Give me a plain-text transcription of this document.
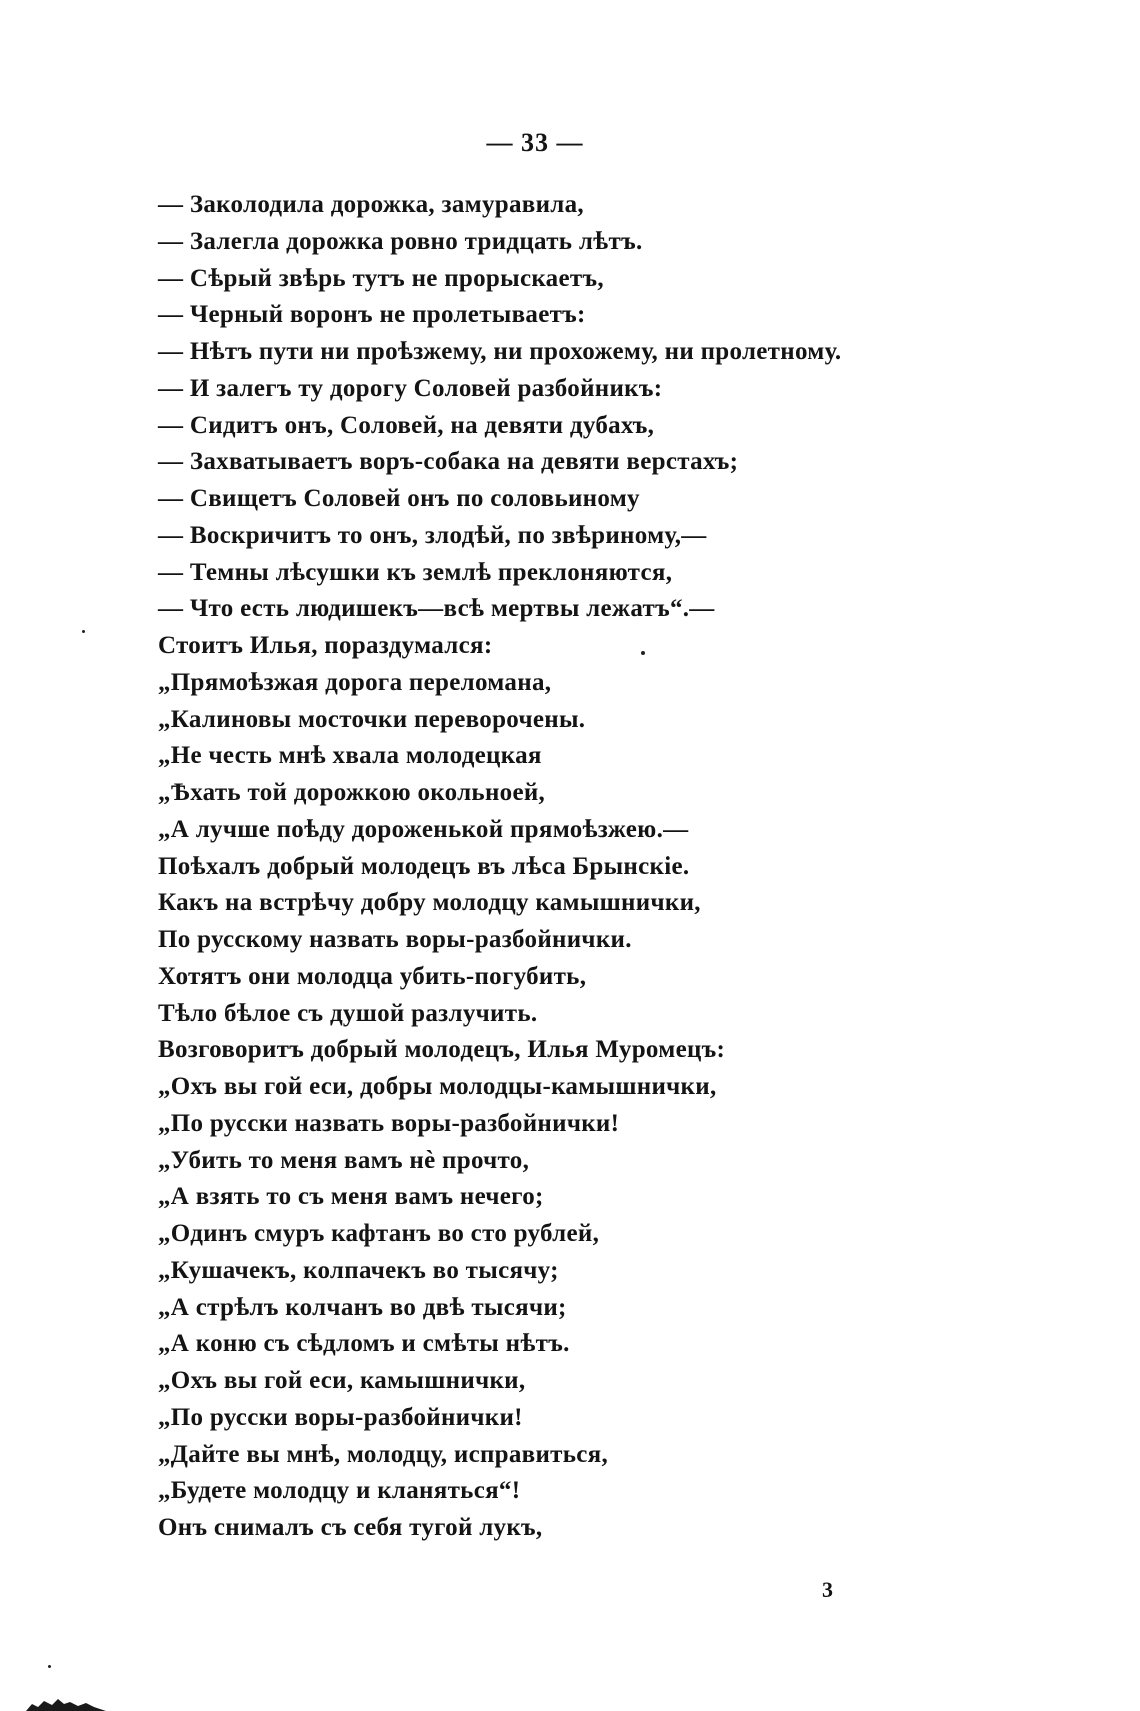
— 33 —
— Заколодила дорожка, замуравила,
— Залегла дорожка ровно тридцать лѣтъ.
— Сѣрый звѣрь тутъ не прорыскаетъ,
— Черный воронъ не пролетываетъ:
— Нѣтъ пути ни проѣзжему, ни прохожему, ни пролетному.
— И залегъ ту дорогу Соловей разбойникъ:
— Сидитъ онъ, Соловей, на девяти дубахъ,
— Захватываетъ воръ-собака на девяти верстахъ;
— Свищетъ Соловей онъ по соловьиному
— Воскричитъ то онъ, злодѣй, по звѣриному,—
— Темны лѣсушки къ землѣ преклоняются,
— Что есть людишекъ—всѣ мертвы лежатъ“.—
Стоитъ Илья, пораздумался:
„Прямоѣзжая дорога переломана,
„Калиновы мосточки переворочены.
„Не честь мнѣ хвала молодецкая
„Ѣхать той дорожкою окольноей,
„А лучше поѣду дороженькой прямоѣзжею.—
Поѣхалъ добрый молодецъ въ лѣса Брынскіе.
Какъ на встрѣчу добру молодцу камышнички,
По русскому назвать воры-разбойнички.
Хотятъ они молодца убить-погубить,
Тѣло бѣлое съ душой разлучить.
Возговоритъ добрый молодецъ, Илья Муромецъ:
„Охъ вы гой еси, добры молодцы-камышнички,
„По русски назвать воры-разбойнички!
„Убить то меня вамъ нѐ прочто,
„А взять то съ меня вамъ нечего;
„Одинъ смуръ кафтанъ во сто рублей,
„Кушачекъ, колпачекъ во тысячу;
„А стрѣлъ колчанъ во двѣ тысячи;
„А коню съ сѣдломъ и смѣты нѣтъ.
„Охъ вы гой еси, камышнички,
„По русски воры-разбойнички!
„Дайте вы мнѣ, молодцу, исправиться,
„Будете молодцу и кланяться“!
Онъ снималъ съ себя тугой лукъ,
3
